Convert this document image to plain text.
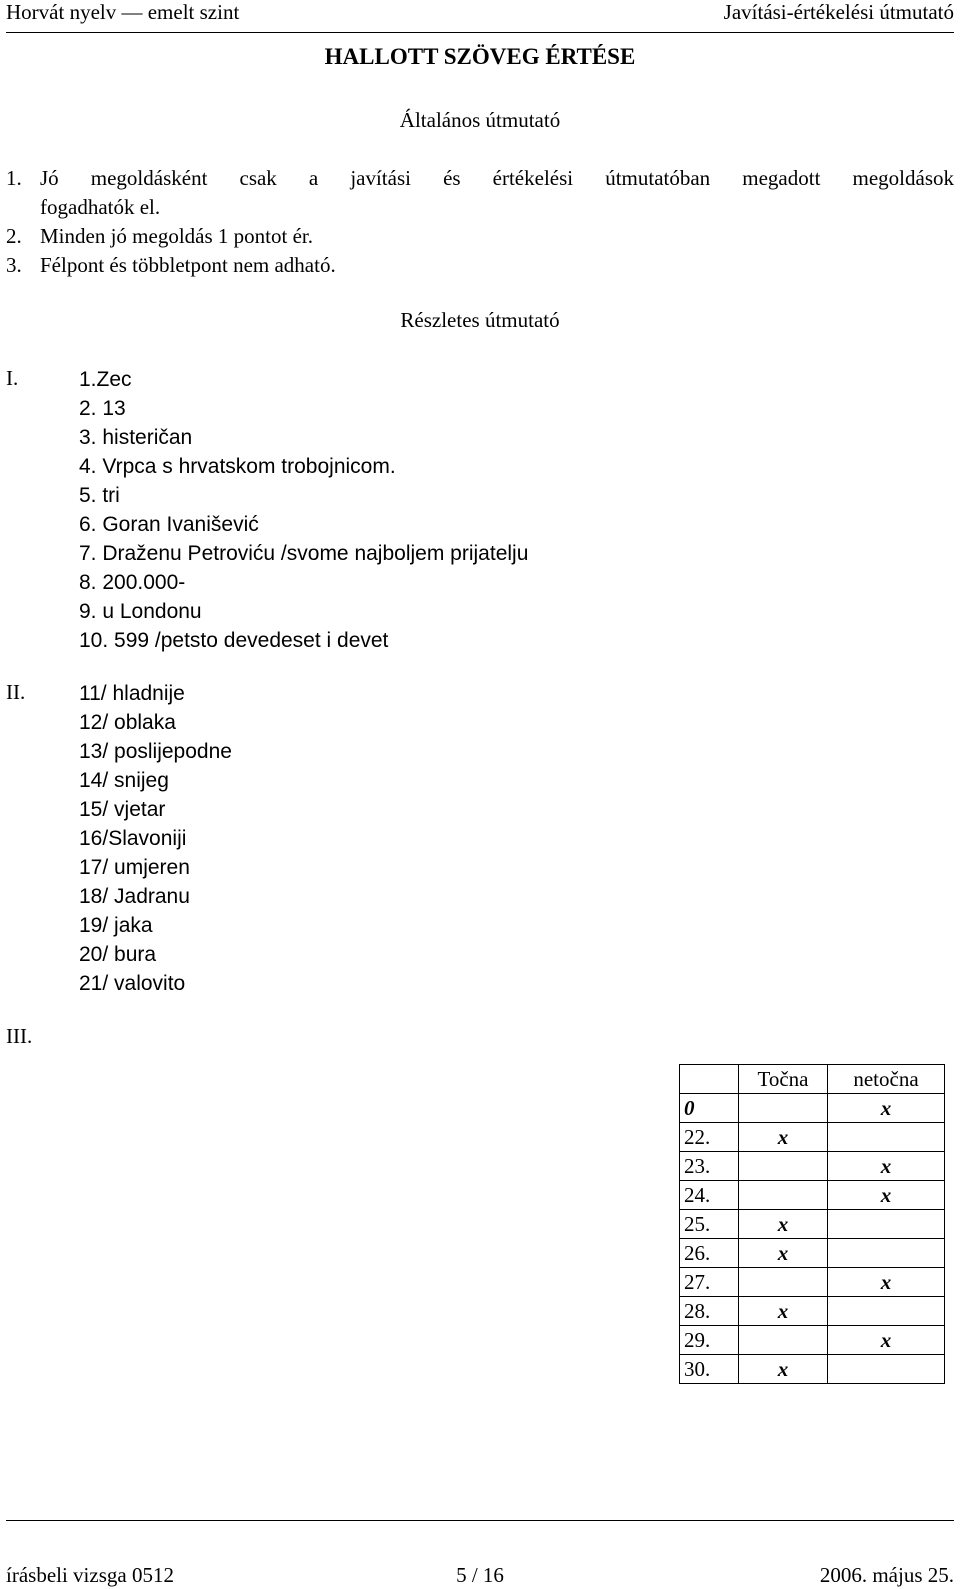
Horvát nyelv — emelt szint	Javítási-értékelési útmutató
HALLOTT SZÖVEG ÉRTÉSE
Általános útmutató
1. Jó megoldásként csak a javítási és értékelési útmutatóban megadott megoldások
fogadhatók el.
2. Minden jó megoldás 1 pontot ér.
3. Félpont és többletpont nem adható.
Részletes útmutató
I.	1.Zec
2. 13
3. histeričan
4. Vrpca s hrvatskom trobojnicom.
5. tri
6. Goran Ivanišević
7. Draženu Petroviću /svome najboljem prijatelju
8. 200.000-
9. u Londonu
10. 599 /petsto devedeset i devet
II.	11/ hladnije
12/ oblaka
13/ poslijepodne
14/ snijeg
15/ vjetar
16/Slavoniji
17/ umjeren
18/ Jadranu
19/ jaka
20/ bura
21/ valovito
III.
	Točna	netočna
0		x
22.	x	
23.		x
24.		x
25.	x	
26.	x	
27.		x
28.	x	
29.		x
30.	x	
írásbeli vizsga 0512	5 / 16	2006. május 25.
